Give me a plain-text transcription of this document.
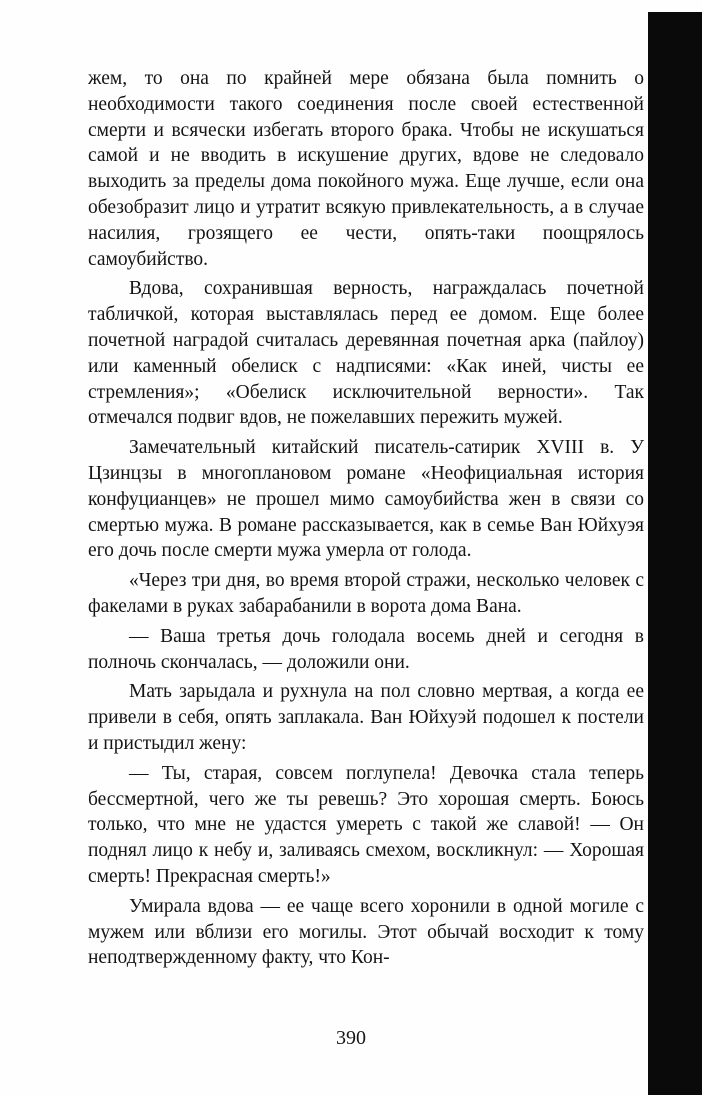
жем, то она по крайней мере обязана была помнить о необходимости такого соединения после своей естественной смерти и всячески избегать второго брака. Чтобы не искушаться самой и не вводить в искушение других, вдове не следовало выходить за пределы дома покойного мужа. Еще лучше, если она обезобразит лицо и утратит всякую привлекательность, а в случае насилия, грозящего ее чести, опять-таки поощрялось самоубийство.

Вдова, сохранившая верность, награждалась почетной табличкой, которая выставлялась перед ее домом. Еще более почетной наградой считалась деревянная почетная арка (пайлоу) или каменный обелиск с надписями: «Как иней, чисты ее стремления»; «Обелиск исключительной верности». Так отмечался подвиг вдов, не пожелавших пережить мужей.

Замечательный китайский писатель-сатирик XVIII в. У Цзинцзы в многоплановом романе «Неофициальная история конфуцианцев» не прошел мимо самоубийства жен в связи со смертью мужа. В романе рассказывается, как в семье Ван Юйхуэя его дочь после смерти мужа умерла от голода.

«Через три дня, во время второй стражи, несколько человек с факелами в руках забарабанили в ворота дома Вана.

— Ваша третья дочь голодала восемь дней и сегодня в полночь скончалась, — доложили они.

Мать зарыдала и рухнула на пол словно мертвая, а когда ее привели в себя, опять заплакала. Ван Юйхуэй подошел к постели и пристыдил жену:

— Ты, старая, совсем поглупела! Девочка стала теперь бессмертной, чего же ты ревешь? Это хорошая смерть. Боюсь только, что мне не удастся умереть с такой же славой! — Он поднял лицо к небу и, заливаясь смехом, воскликнул: — Хорошая смерть! Прекрасная смерть!»

Умирала вдова — ее чаще всего хоронили в одной могиле с мужем или вблизи его могилы. Этот обычай восходит к тому неподтвержденному факту, что Кон-

390
